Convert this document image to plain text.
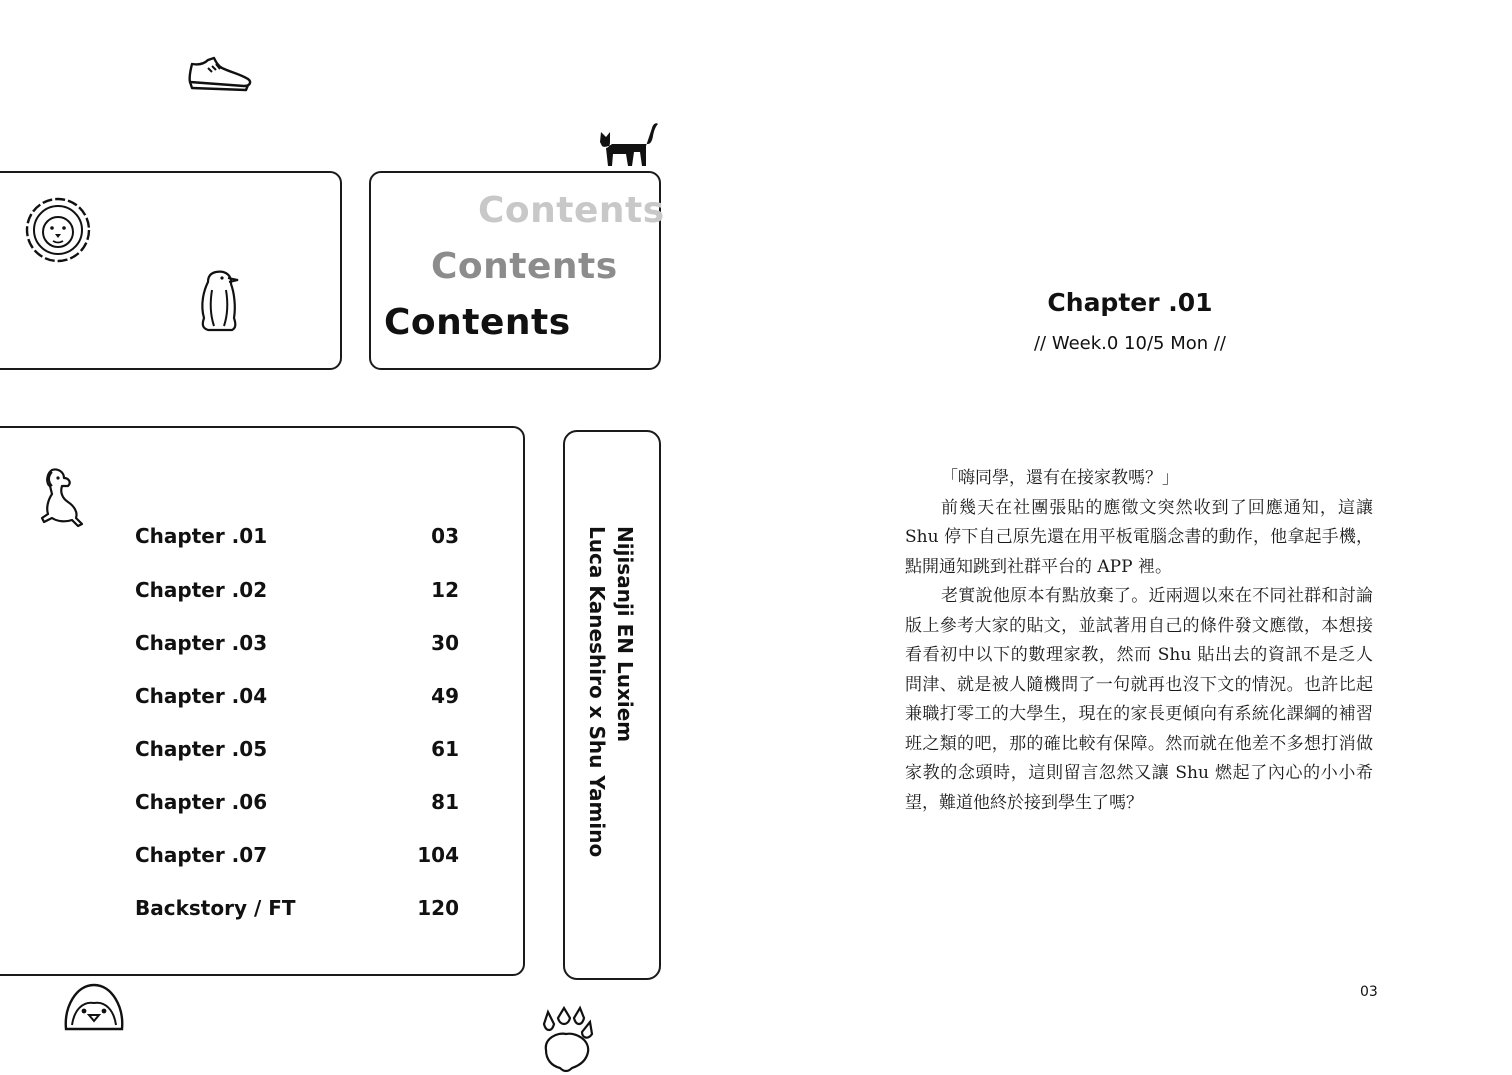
Contents
Contents
Contents
Chapter .01	03
Chapter .02	12
Chapter .03	30
Chapter .04	49
Chapter .05	61
Chapter .06	81
Chapter .07	104
Backstory / FT	120
Nijisanji EN Luxiem
Luca Kaneshiro x Shu Yamino
Chapter .01
// Week.0 10/5 Mon //

「嗨同學，還有在接家教嗎？」

前幾天在社團張貼的應徵文突然收到了回應通知，這讓 Shu 停下自己原先還在用平板電腦念書的動作，他拿起手機，點開通知跳到社群平台的 APP 裡。

老實說他原本有點放棄了。近兩週以來在不同社群和討論版上參考大家的貼文，並試著用自己的條件發文應徵，本想接看看初中以下的數理家教，然而 Shu 貼出去的資訊不是乏人問津、就是被人隨機問了一句就再也沒下文的情況。也許比起兼職打零工的大學生，現在的家長更傾向有系統化課綱的補習班之類的吧，那的確比較有保障。然而就在他差不多想打消做家教的念頭時，這則留言忽然又讓 Shu 燃起了內心的小小希望，難道他終於接到學生了嗎？

03
